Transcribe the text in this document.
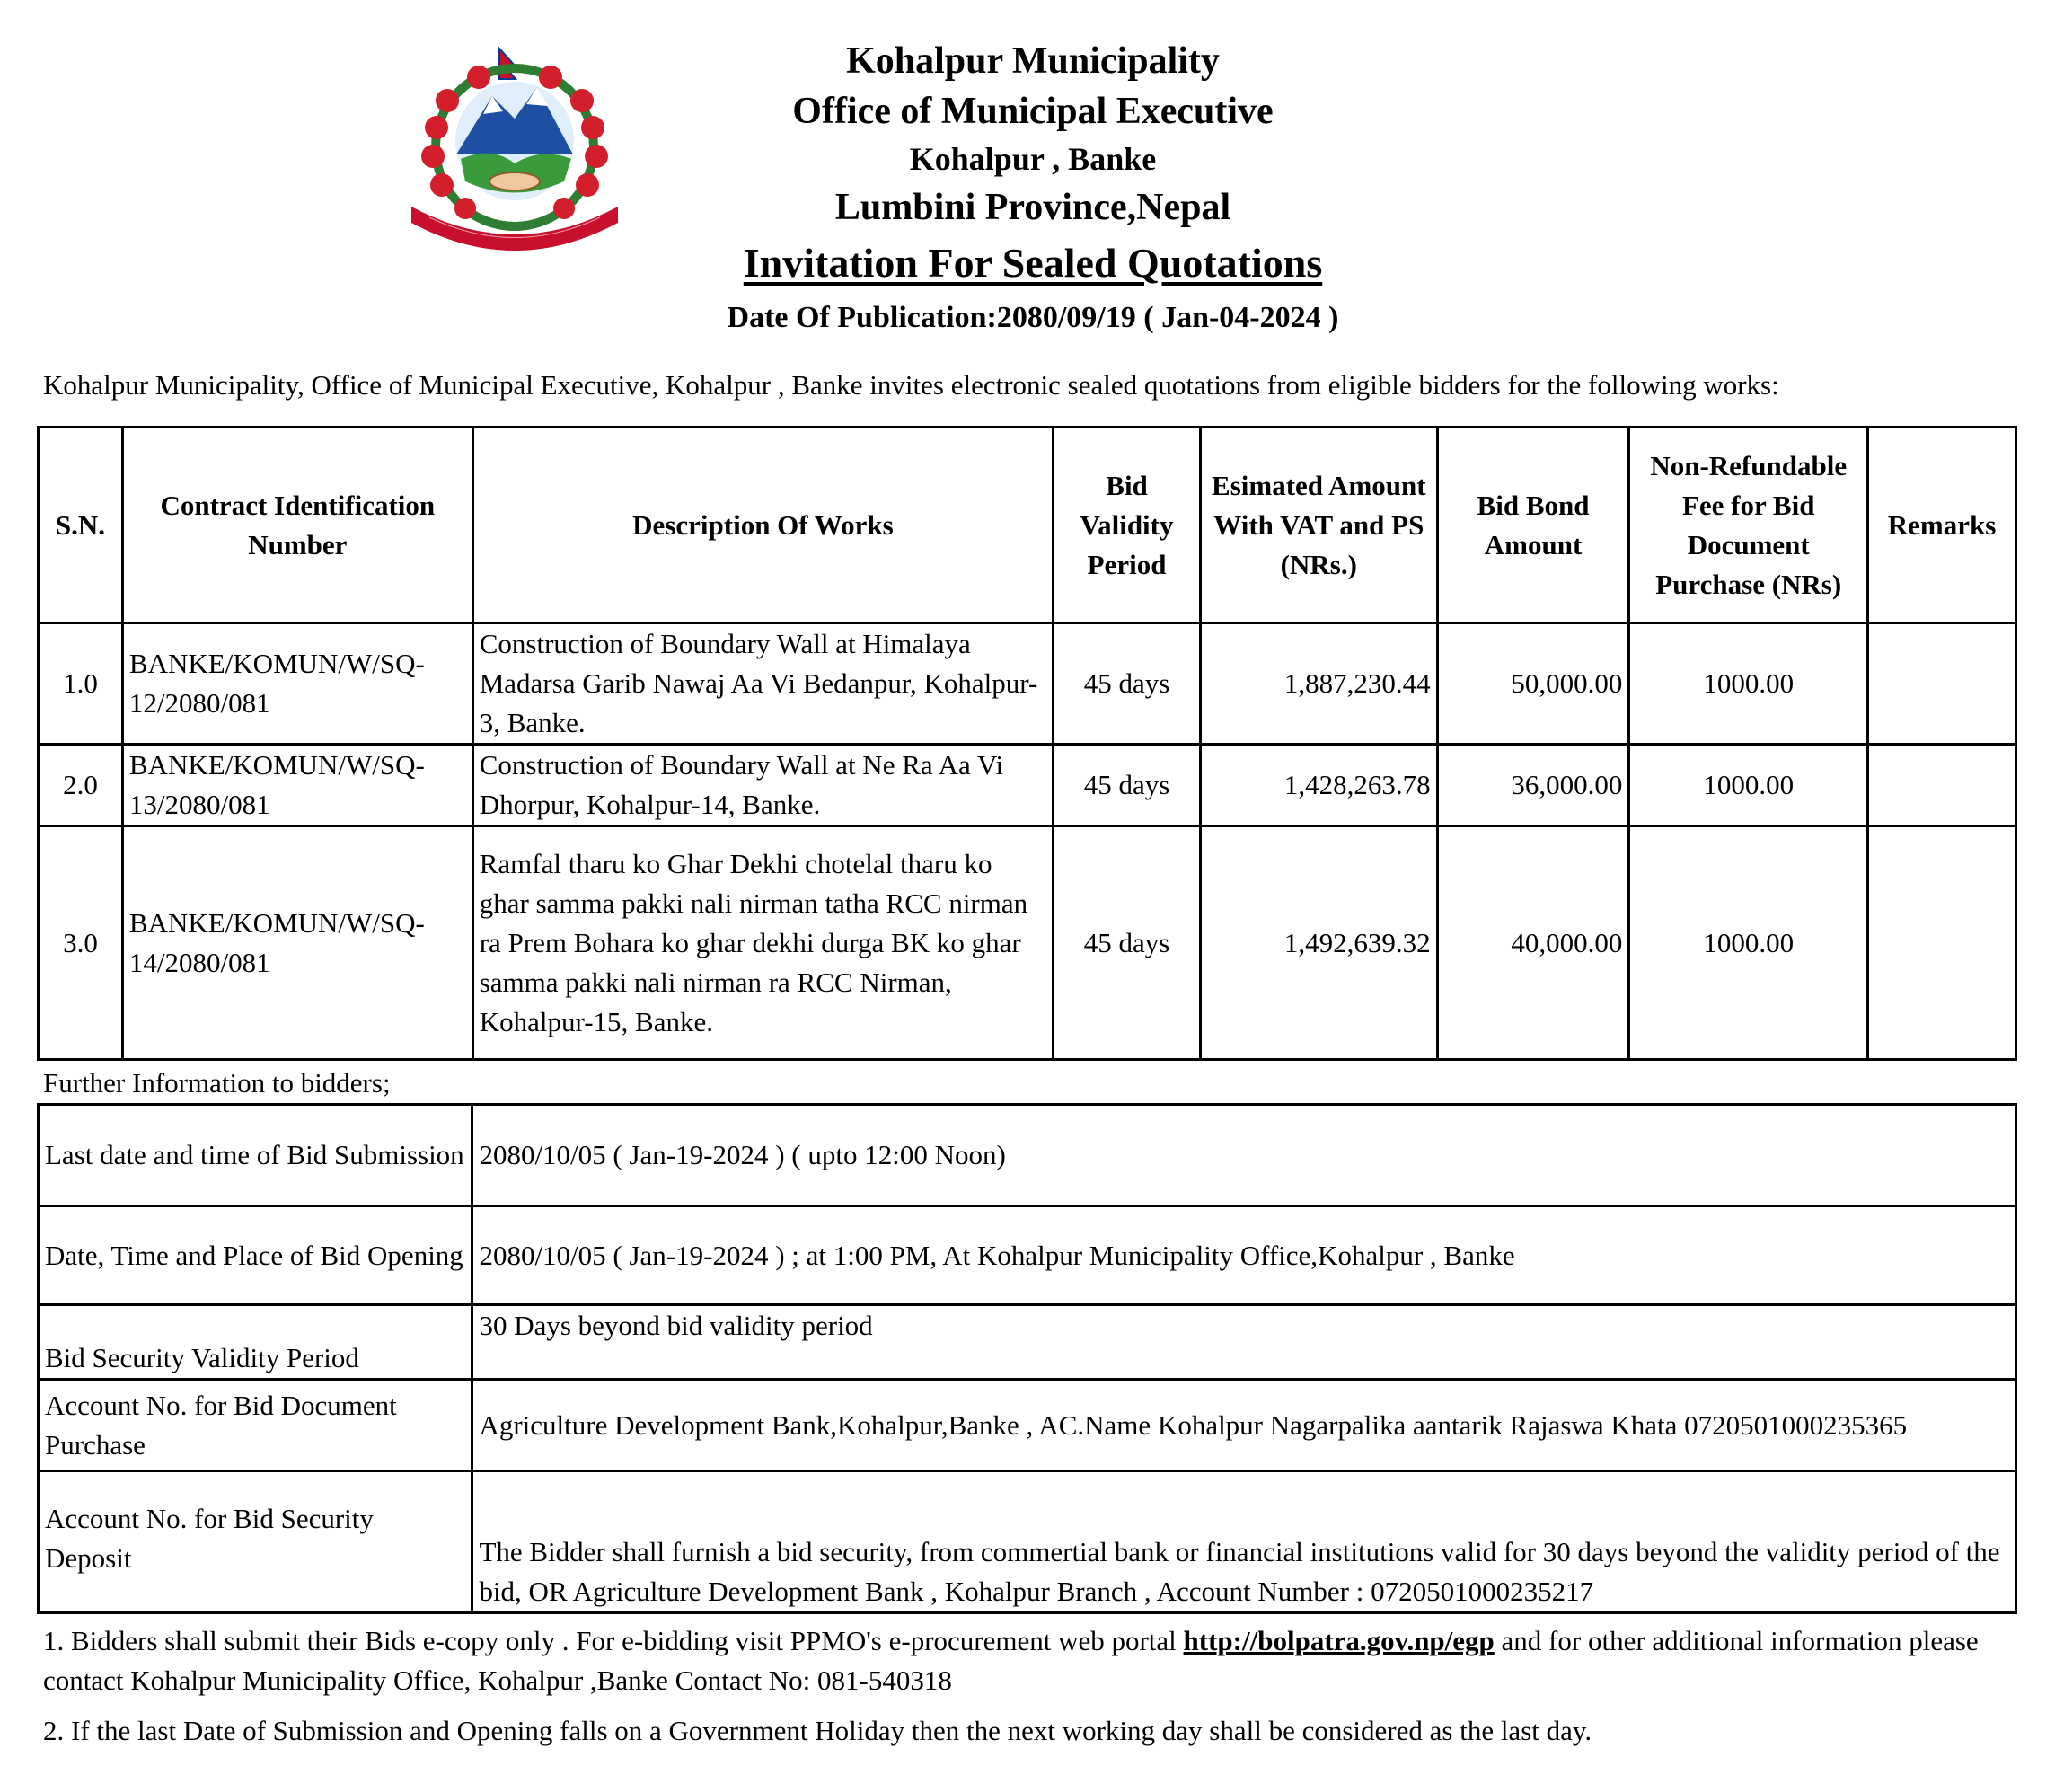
Kohalpur Municipality
Office of Municipal Executive
Kohalpur , Banke
Lumbini Province,Nepal
Invitation For Sealed Quotations
Date Of Publication:2080/09/19 ( Jan-04-2024 )
Kohalpur Municipality, Office of Municipal Executive, Kohalpur , Banke invites electronic sealed quotations from eligible bidders for the following works:
S.N.	Contract Identification Number	Description Of Works	Bid Validity Period	Esimated Amount With VAT and PS (NRs.)	Bid Bond Amount	Non-Refundable Fee for Bid Document Purchase (NRs)	Remarks
1.0	BANKE/KOMUN/W/SQ-12/2080/081	Construction of Boundary Wall at Himalaya Madarsa Garib Nawaj Aa Vi Bedanpur, Kohalpur-3, Banke.	45 days	1,887,230.44	50,000.00	1000.00	
2.0	BANKE/KOMUN/W/SQ-13/2080/081	Construction of Boundary Wall at Ne Ra Aa Vi Dhorpur, Kohalpur-14, Banke.	45 days	1,428,263.78	36,000.00	1000.00	
3.0	BANKE/KOMUN/W/SQ-14/2080/081	Ramfal tharu ko Ghar Dekhi chotelal tharu ko ghar samma pakki nali nirman tatha RCC nirman ra Prem Bohara ko ghar dekhi durga BK ko ghar samma pakki nali nirman ra RCC Nirman, Kohalpur-15, Banke.	45 days	1,492,639.32	40,000.00	1000.00	
Further Information to bidders;
Last date and time of Bid Submission	2080/10/05 ( Jan-19-2024 ) ( upto 12:00 Noon)
Date, Time and Place of Bid Opening	2080/10/05 ( Jan-19-2024 ) ; at 1:00 PM, At Kohalpur Municipality Office,Kohalpur , Banke
Bid Security Validity Period	30 Days beyond bid validity period
Account No. for Bid Document Purchase	Agriculture Development Bank,Kohalpur,Banke , AC.Name Kohalpur Nagarpalika aantarik Rajaswa Khata 0720501000235365
Account No. for Bid Security Deposit	The Bidder shall furnish a bid security, from commertial bank or financial institutions valid for 30 days beyond the validity period of the bid, OR Agriculture Development Bank , Kohalpur Branch , Account Number : 0720501000235217

1. Bidders shall submit their Bids e-copy only . For e-bidding visit PPMO's e-procurement web portal http://bolpatra.gov.np/egp and for other additional information please contact Kohalpur Municipality Office, Kohalpur ,Banke Contact No: 081-540318

2. If the last Date of Submission and Opening falls on a Government Holiday then the next working day shall be considered as the last day.
